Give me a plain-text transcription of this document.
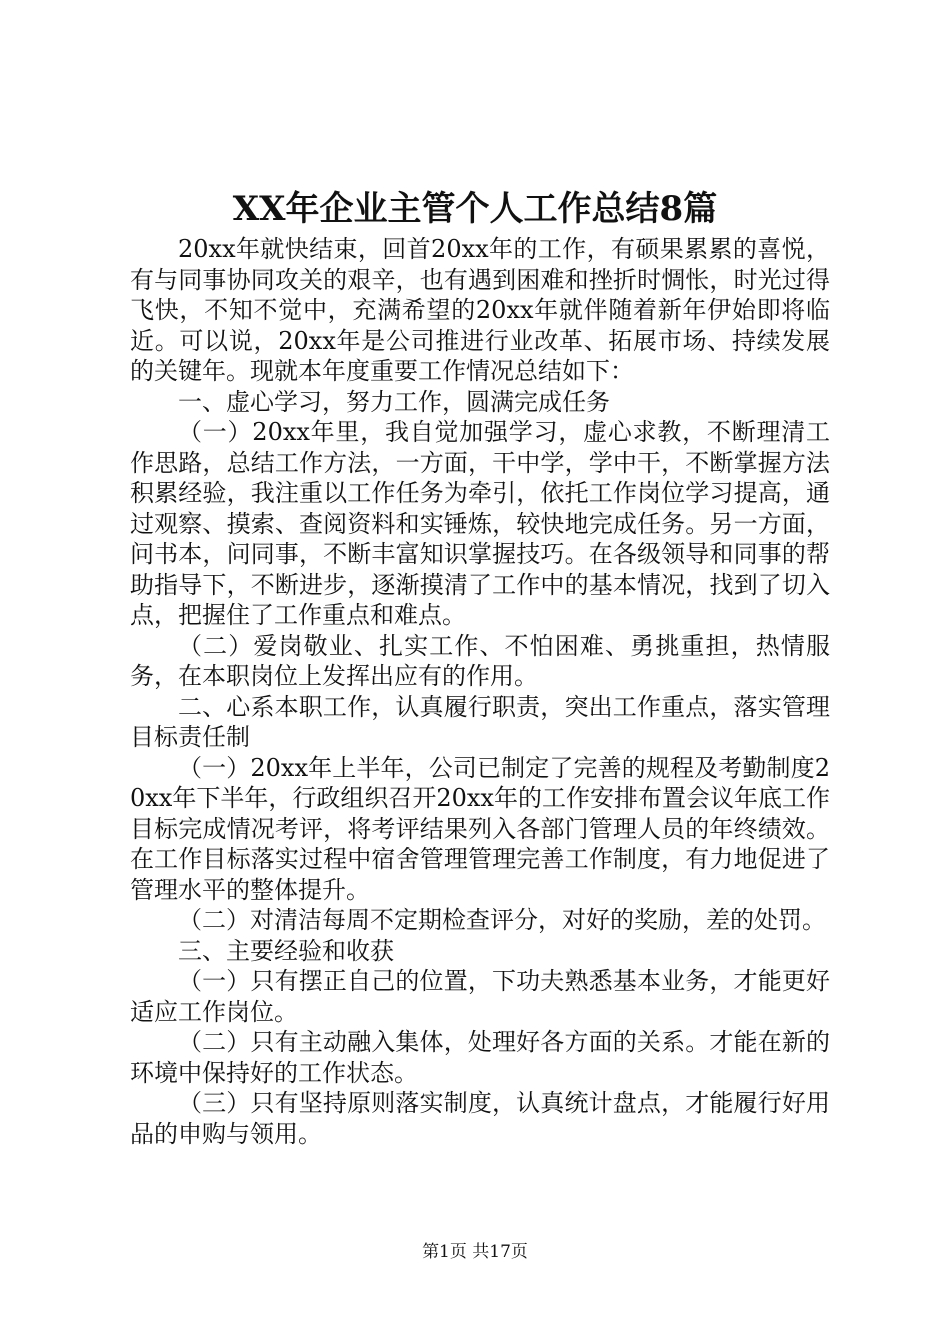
XX年企业主管个人工作总结8篇

20xx年就快结束，回首20xx年的工作，有硕果累累的喜悦，有与同事协同攻关的艰辛，也有遇到困难和挫折时惆怅，时光过得飞快，不知不觉中，充满希望的20xx年就伴随着新年伊始即将临近。可以说，20xx年是公司推进行业改革、拓展市场、持续发展的关键年。现就本年度重要工作情况总结如下：

一、虚心学习，努力工作，圆满完成任务

（一）20xx年里，我自觉加强学习，虚心求教，不断理清工作思路，总结工作方法，一方面，干中学，学中干，不断掌握方法积累经验，我注重以工作任务为牵引，依托工作岗位学习提高，通过观察、摸索、查阅资料和实锤炼，较快地完成任务。另一方面，问书本，问同事，不断丰富知识掌握技巧。在各级领导和同事的帮助指导下，不断进步，逐渐摸清了工作中的基本情况，找到了切入点，把握住了工作重点和难点。

（二）爱岗敬业、扎实工作、不怕困难、勇挑重担，热情服务，在本职岗位上发挥出应有的作用。

二、心系本职工作，认真履行职责，突出工作重点，落实管理目标责任制

（一）20xx年上半年，公司已制定了完善的规程及考勤制度20xx年下半年，行政组织召开20xx年的工作安排布置会议年底工作目标完成情况考评，将考评结果列入各部门管理人员的年终绩效。在工作目标落实过程中宿舍管理管理完善工作制度，有力地促进了管理水平的整体提升。

（二）对清洁每周不定期检查评分，对好的奖励，差的处罚。

三、主要经验和收获

（一）只有摆正自己的位置，下功夫熟悉基本业务，才能更好适应工作岗位。

（二）只有主动融入集体，处理好各方面的关系。才能在新的环境中保持好的工作状态。

（三）只有坚持原则落实制度，认真统计盘点，才能履行好用品的申购与领用。

第1页 共17页
